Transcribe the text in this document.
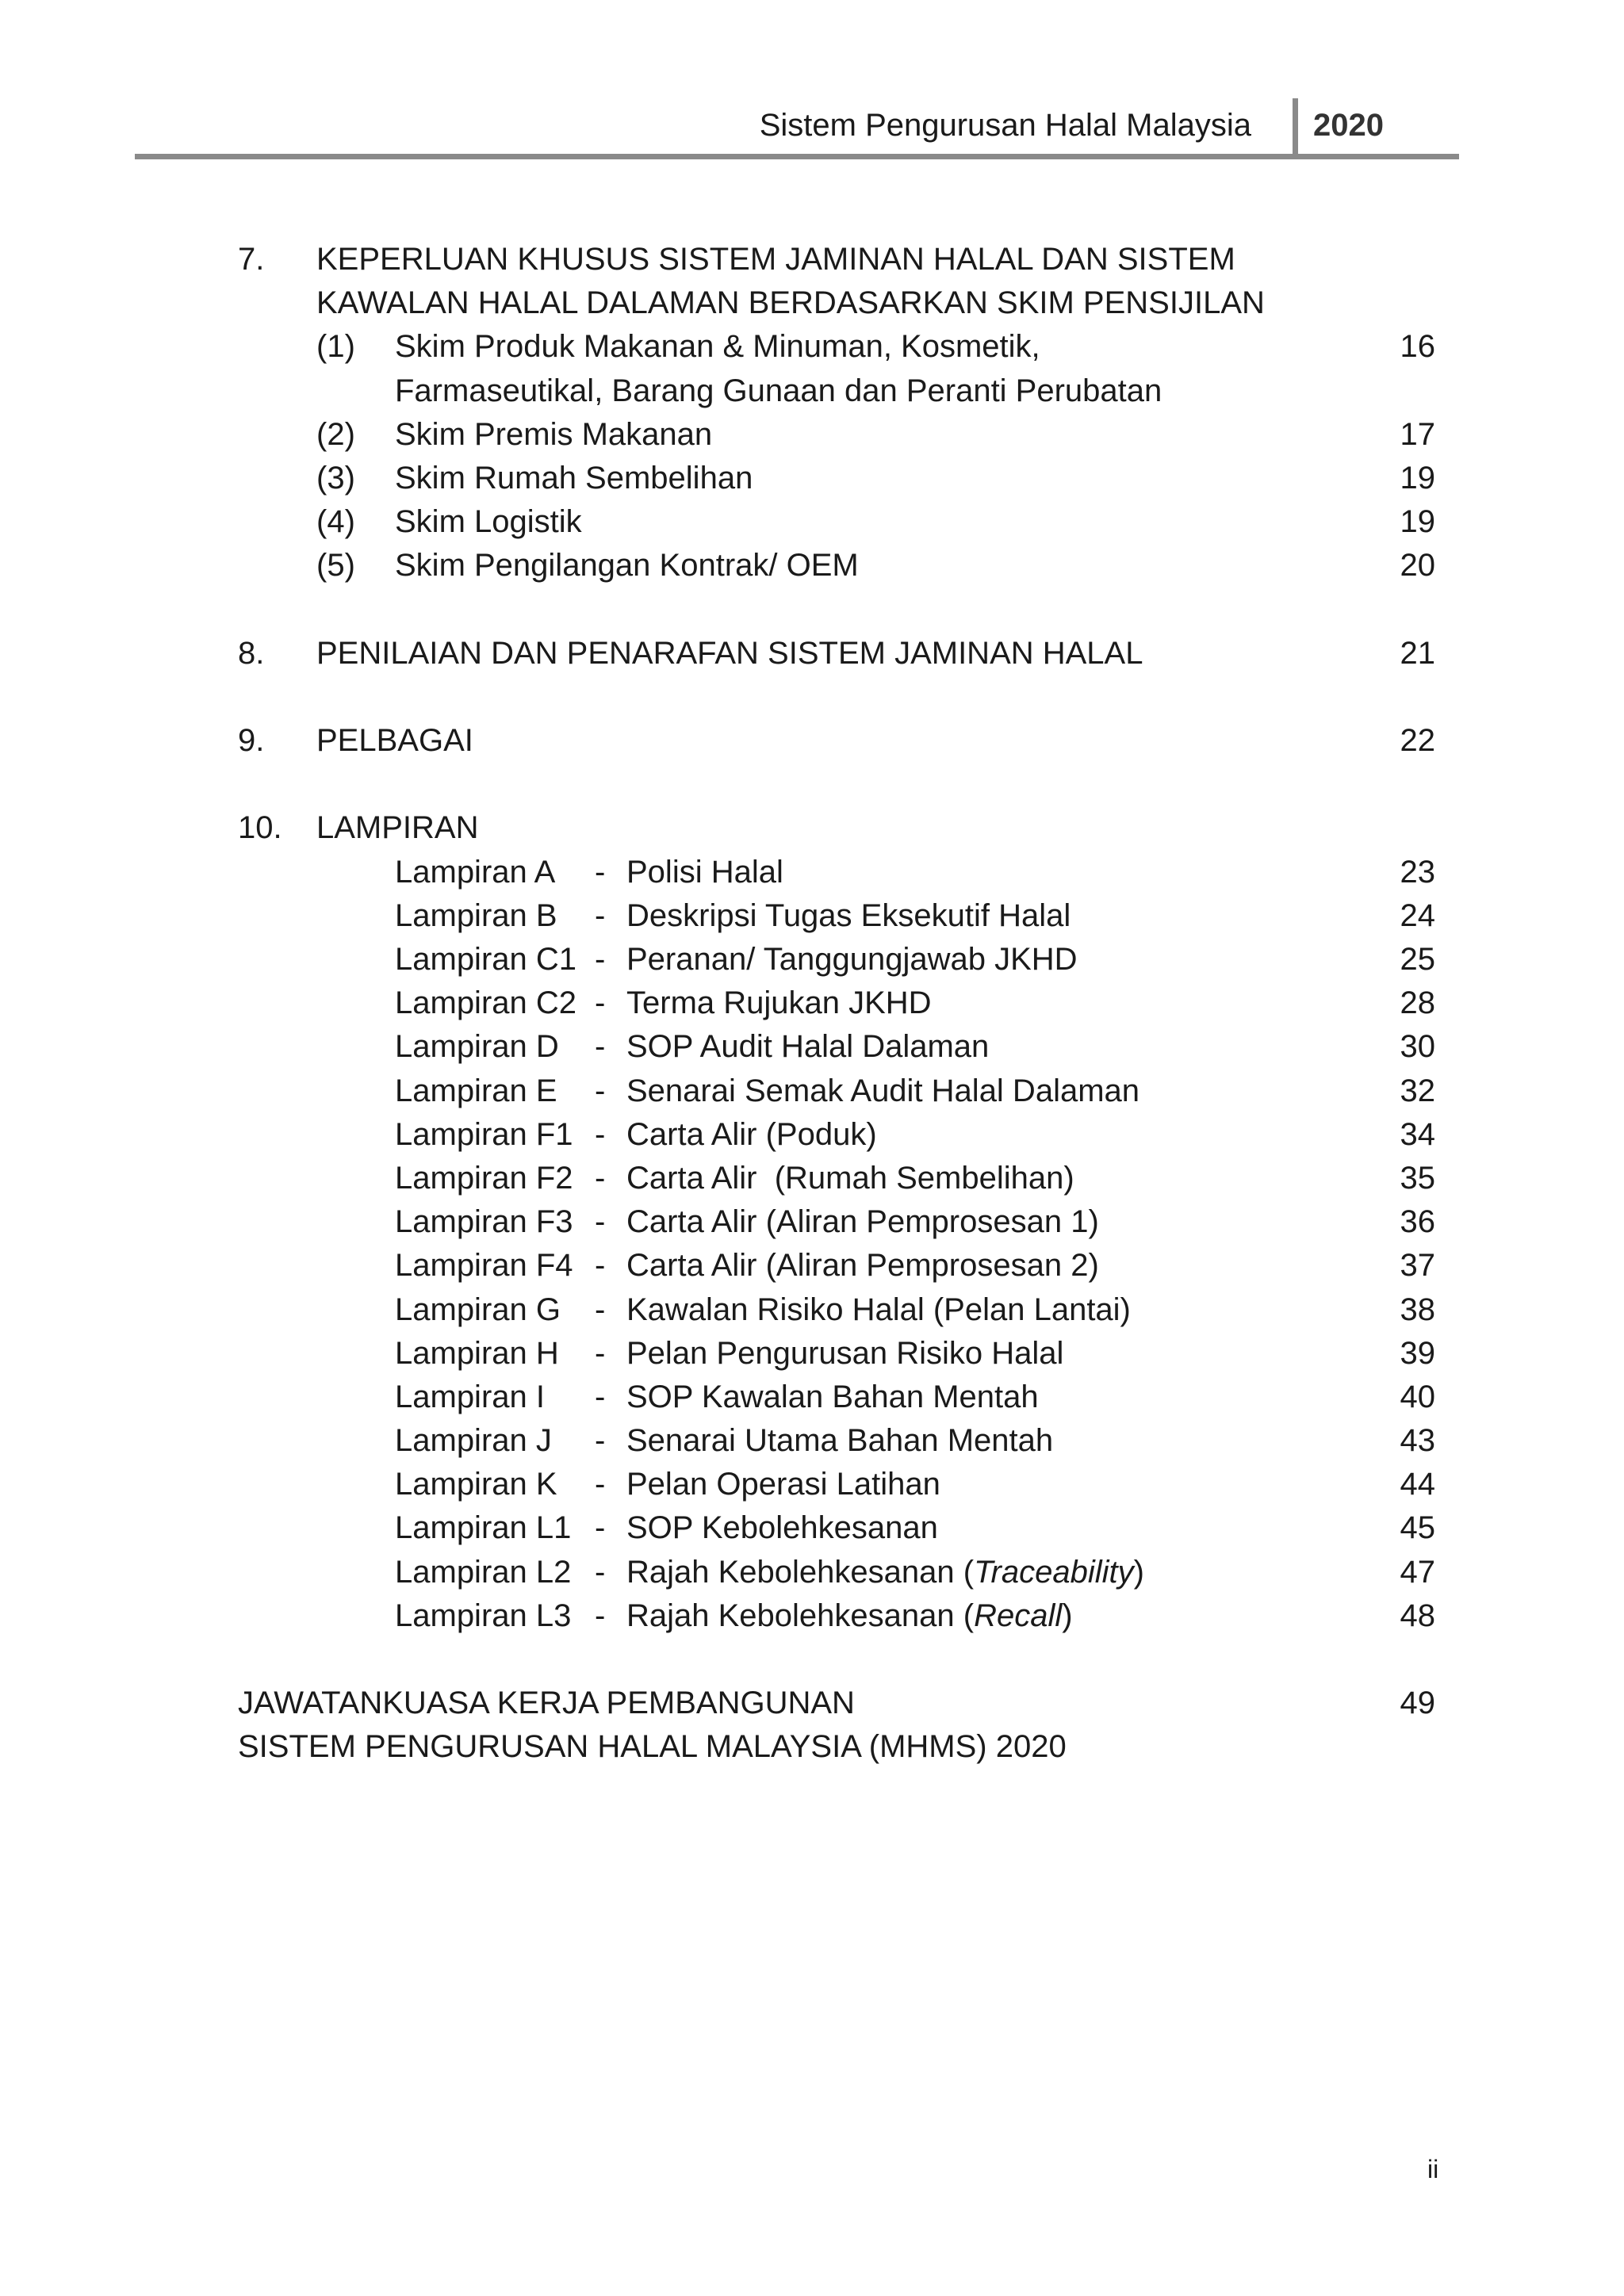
Sistem Pengurusan Halal Malaysia 2020
7. KEPERLUAN KHUSUS SISTEM JAMINAN HALAL DAN SISTEM
KAWALAN HALAL DALAMAN BERDASARKAN SKIM PENSIJILAN
(1) Skim Produk Makanan & Minuman, Kosmetik,	16
Farmaseutikal, Barang Gunaan dan Peranti Perubatan
(2) Skim Premis Makanan	17
(3) Skim Rumah Sembelihan	19
(4) Skim Logistik	19
(5) Skim Pengilangan Kontrak/ OEM	20
8. PENILAIAN DAN PENARAFAN SISTEM JAMINAN HALAL	21
9. PELBAGAI	22
10. LAMPIRAN
Lampiran A - Polisi Halal	23
Lampiran B - Deskripsi Tugas Eksekutif Halal	24
Lampiran C1 - Peranan/ Tanggungjawab JKHD	25
Lampiran C2 - Terma Rujukan JKHD	28
Lampiran D - SOP Audit Halal Dalaman	30
Lampiran E - Senarai Semak Audit Halal Dalaman	32
Lampiran F1 - Carta Alir (Poduk)	34
Lampiran F2 - Carta Alir  (Rumah Sembelihan)	35
Lampiran F3 - Carta Alir (Aliran Pemprosesan 1)	36
Lampiran F4 - Carta Alir (Aliran Pemprosesan 2)	37
Lampiran G - Kawalan Risiko Halal (Pelan Lantai)	38
Lampiran H - Pelan Pengurusan Risiko Halal	39
Lampiran I - SOP Kawalan Bahan Mentah	40
Lampiran J - Senarai Utama Bahan Mentah	43
Lampiran K - Pelan Operasi Latihan	44
Lampiran L1 - SOP Kebolehkesanan	45
Lampiran L2 - Rajah Kebolehkesanan (Traceability)	47
Lampiran L3 - Rajah Kebolehkesanan (Recall)	48
JAWATANKUASA KERJA PEMBANGUNAN	49
SISTEM PENGURUSAN HALAL MALAYSIA (MHMS) 2020
ii
